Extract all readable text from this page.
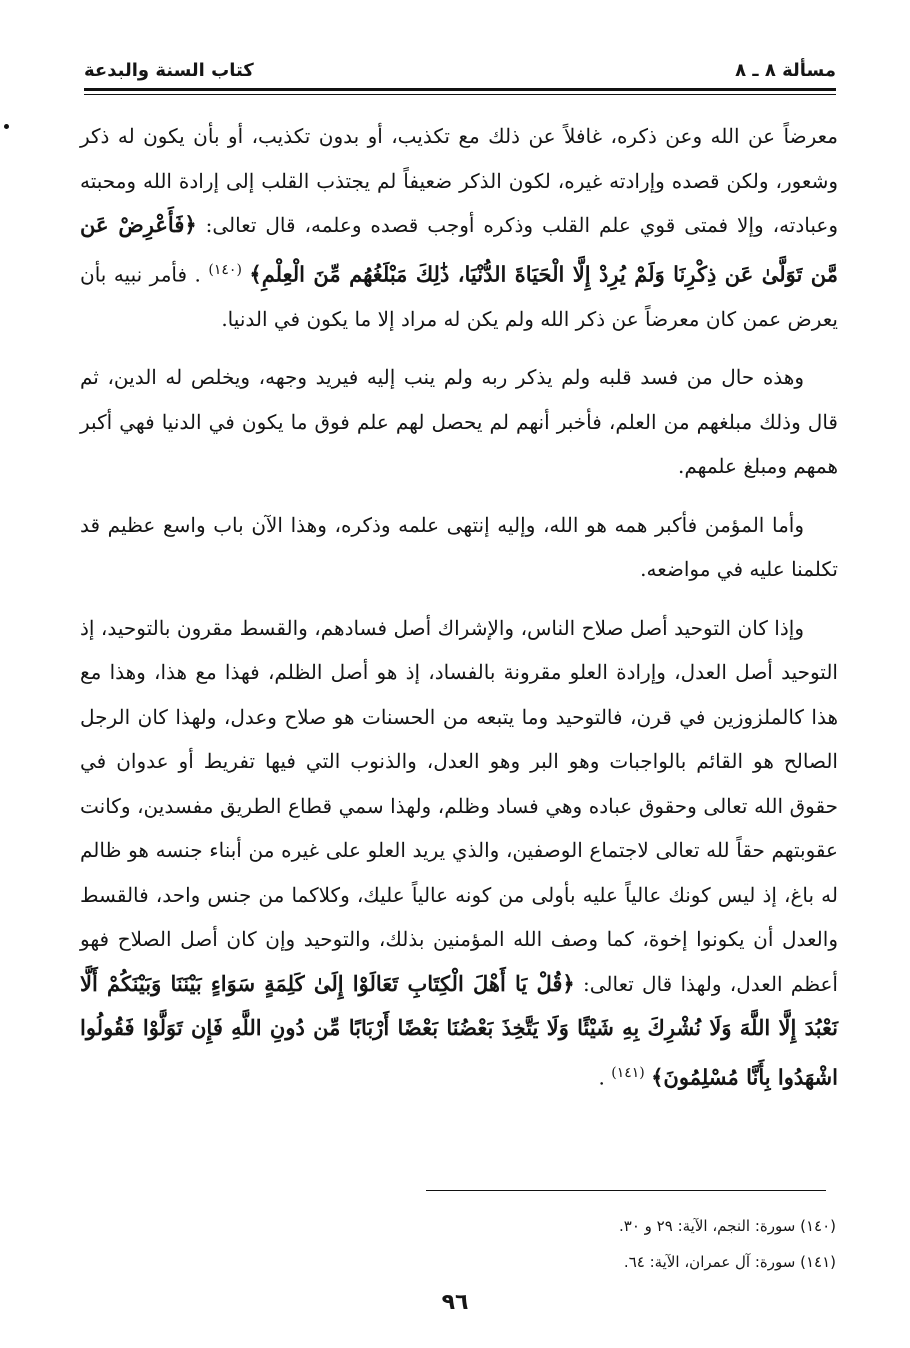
مسألة ٨ ـ ٨
كتاب السنة والبدعة

معرضاً عن الله وعن ذكره، غافلاً عن ذلك مع تكذيب، أو بدون تكذيب، أو بأن يكون له ذكر وشعور، ولكن قصده وإرادته غيره، لكون الذكر ضعيفاً لم يجتذب القلب إلى إرادة الله ومحبته وعبادته، وإلا فمتى قوي علم القلب وذكره أوجب قصده وعلمه، قال تعالى: ﴿فَأَعْرِضْ عَن مَّن تَوَلَّىٰ عَن ذِكْرِنَا وَلَمْ يُرِدْ إِلَّا الْحَيَاةَ الدُّنْيَا، ذَٰلِكَ مَبْلَغُهُم مِّنَ الْعِلْمِ﴾ $^{(١٤٠)}$ . فأمر نبيه بأن يعرض عمن كان معرضاً عن ذكر الله ولم يكن له مراد إلا ما يكون في الدنيا.

وهذه حال من فسد قلبه ولم يذكر ربه ولم ينب إليه فيريد وجهه، ويخلص له الدين، ثم قال وذلك مبلغهم من العلم، فأخبر أنهم لم يحصل لهم علم فوق ما يكون في الدنيا فهي أكبر همهم ومبلغ علمهم.

وأما المؤمن فأكبر همه هو الله، وإليه إنتهى علمه وذكره، وهذا الآن باب واسع عظيم قد تكلمنا عليه في مواضعه.

وإذا كان التوحيد أصل صلاح الناس، والإشراك أصل فسادهم، والقسط مقرون بالتوحيد، إذ التوحيد أصل العدل، وإرادة العلو مقرونة بالفساد، إذ هو أصل الظلم، فهذا مع هذا، وهذا مع هذا كالملزوزين في قرن، فالتوحيد وما يتبعه من الحسنات هو صلاح وعدل، ولهذا كان الرجل الصالح هو القائم بالواجبات وهو البر وهو العدل، والذنوب التي فيها تفريط أو عدوان في حقوق الله تعالى وحقوق عباده وهي فساد وظلم، ولهذا سمي قطاع الطريق مفسدين، وكانت عقوبتهم حقاً لله تعالى لاجتماع الوصفين، والذي يريد العلو على غيره من أبناء جنسه هو ظالم له باغ، إذ ليس كونك عالياً عليه بأولى من كونه عالياً عليك، وكلاكما من جنس واحد، فالقسط والعدل أن يكونوا إخوة، كما وصف الله المؤمنين بذلك، والتوحيد وإن كان أصل الصلاح فهو أعظم العدل، ولهذا قال تعالى: ﴿قُلْ يَا أَهْلَ الْكِتَابِ تَعَالَوْا إِلَىٰ كَلِمَةٍ سَوَاءٍ بَيْنَنَا وَبَيْنَكُمْ أَلَّا نَعْبُدَ إِلَّا اللَّهَ وَلَا نُشْرِكَ بِهِ شَيْئًا وَلَا يَتَّخِذَ بَعْضُنَا بَعْضًا أَرْبَابًا مِّن دُونِ اللَّهِ فَإِن تَوَلَّوْا فَقُولُوا اشْهَدُوا بِأَنَّا مُسْلِمُونَ﴾ $^{(١٤١)}$ .

(١٤٠) سورة: النجم، الآية: ٢٩ و ٣٠.
(١٤١) سورة: آل عمران، الآية: ٦٤.
٩٦
